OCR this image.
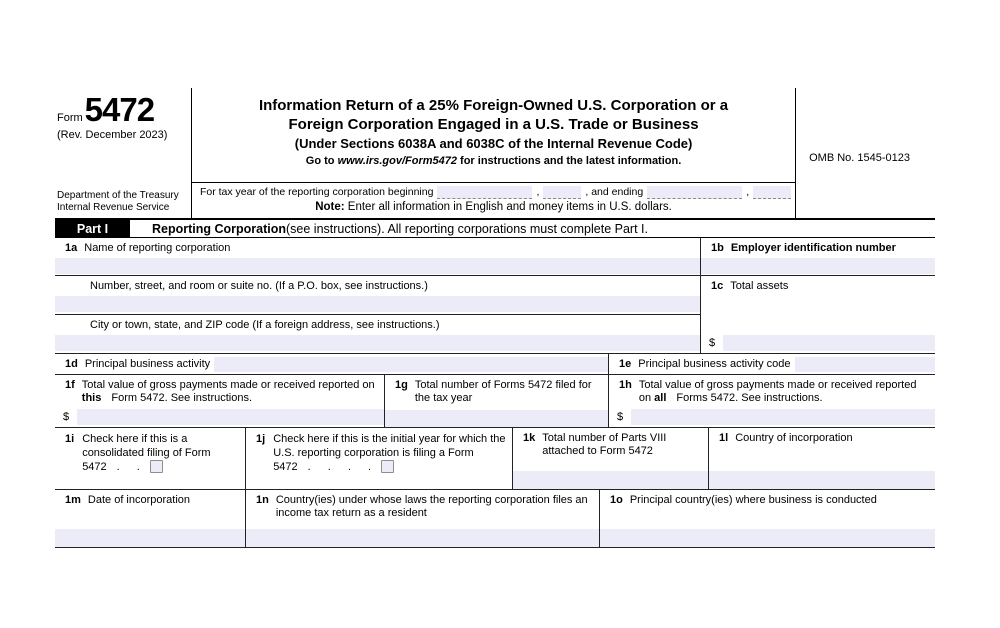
Form 5472
(Rev. December 2023)
Department of the Treasury
Internal Revenue Service
Information Return of a 25% Foreign-Owned U.S. Corporation or a
Foreign Corporation Engaged in a U.S. Trade or Business
(Under Sections 6038A and 6038C of the Internal Revenue Code)
Go to www.irs.gov/Form5472 for instructions and the latest information.
For tax year of the reporting corporation beginning	,	, and ending	,
Note: Enter all information in English and money items in U.S. dollars.
OMB No. 1545-0123
Part I	Reporting Corporation (see instructions). All reporting corporations must complete Part I.
1a Name of reporting corporation	1b Employer identification number
Number, street, and room or suite no. (If a P.O. box, see instructions.)
City or town, state, and ZIP code (If a foreign address, see instructions.)
1c Total assets
$
1d Principal business activity	1e Principal business activity code
1f Total value of gross payments made or received reported on this Form 5472. See instructions.
$
1g Total number of Forms 5472 filed for the tax year
1h Total value of gross payments made or received reported on all Forms 5472. See instructions.
$
1i Check here if this is a consolidated filing of Form 5472 . .
1j Check here if this is the initial year for which the U.S. reporting corporation is filing a Form 5472 . . . .
1k Total number of Parts VIII attached to Form 5472
1l Country of incorporation
1m Date of incorporation	1n Country(ies) under whose laws the reporting corporation files an income tax return as a resident
1o Principal country(ies) where business is conducted
